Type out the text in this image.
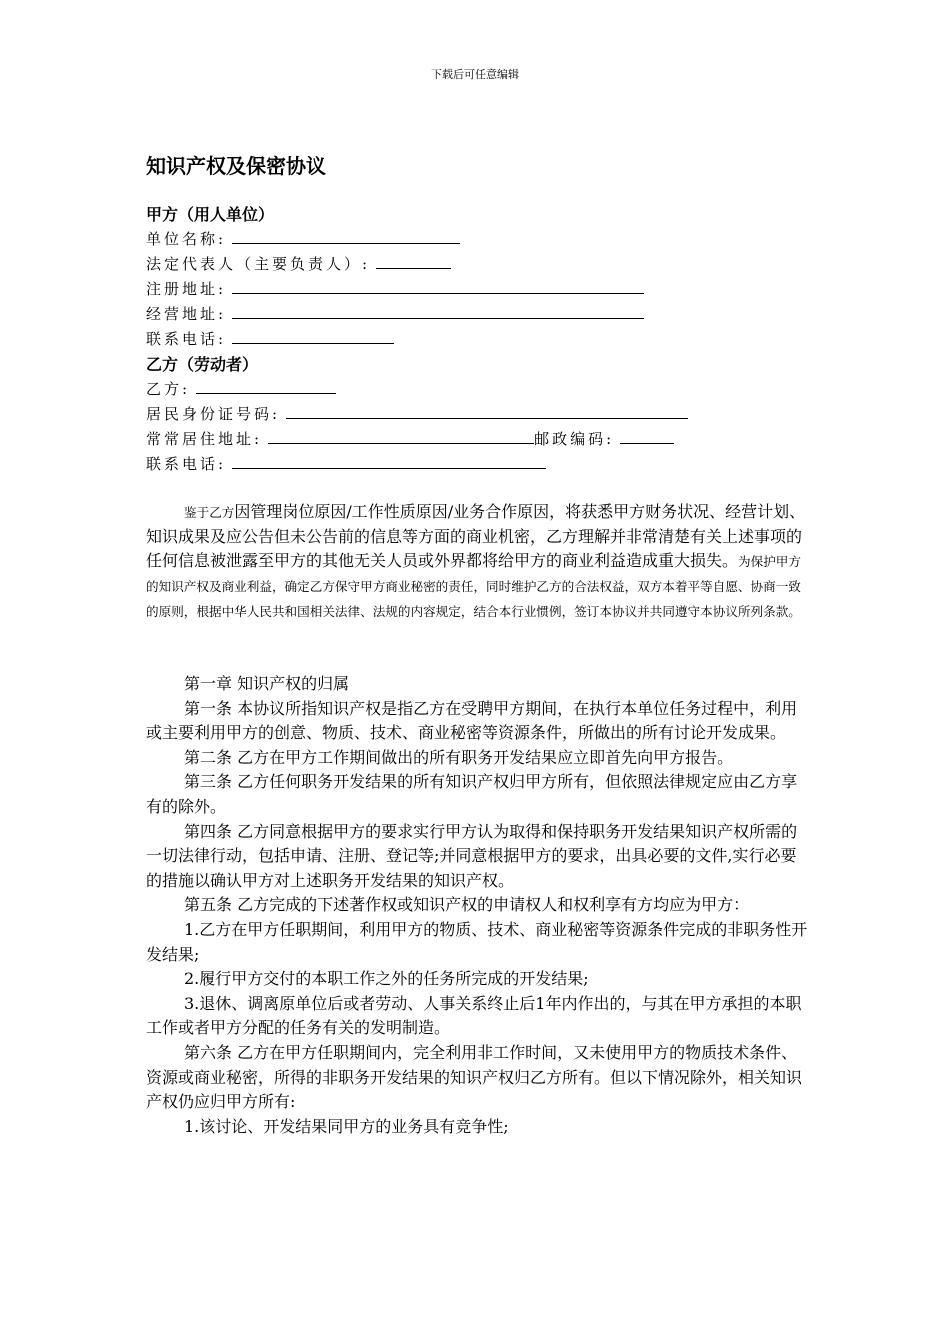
下载后可任意编辑
知识产权及保密协议
甲方（用人单位）
单位名称:
法定代表人（主要负责人）:
注册地址:
经营地址:
联系电话:
乙方（劳动者）
乙方:
居民身份证号码:
常常居住地址:	邮政编码:
联系电话:

鉴于乙方因管理岗位原因/工作性质原因/业务合作原因，将获悉甲方财务状况、经营计划、知识成果及应公告但未公告前的信息等方面的商业机密，乙方理解并非常清楚有关上述事项的任何信息被泄露至甲方的其他无关人员或外界都将给甲方的商业利益造成重大损失。为保护甲方的知识产权及商业利益，确定乙方保守甲方商业秘密的责任，同时维护乙方的合法权益，双方本着平等自愿、协商一致的原则，根据中华人民共和国相关法律、法规的内容规定，结合本行业惯例，签订本协议并共同遵守本协议所列条款。

第一章 知识产权的归属

第一条 本协议所指知识产权是指乙方在受聘甲方期间，在执行本单位任务过程中，利用或主要利用甲方的创意、物质、技术、商业秘密等资源条件，所做出的所有讨论开发成果。

第二条 乙方在甲方工作期间做出的所有职务开发结果应立即首先向甲方报告。

第三条 乙方任何职务开发结果的所有知识产权归甲方所有，但依照法律规定应由乙方享有的除外。

第四条 乙方同意根据甲方的要求实行甲方认为取得和保持职务开发结果知识产权所需的一切法律行动，包括申请、注册、登记等;并同意根据甲方的要求，出具必要的文件,实行必要的措施以确认甲方对上述职务开发结果的知识产权。

第五条 乙方完成的下述著作权或知识产权的申请权人和权利享有方均应为甲方：

1.乙方在甲方任职期间，利用甲方的物质、技术、商业秘密等资源条件完成的非职务性开发结果;

2.履行甲方交付的本职工作之外的任务所完成的开发结果;

3.退休、调离原单位后或者劳动、人事关系终止后1年内作出的，与其在甲方承担的本职工作或者甲方分配的任务有关的发明制造。

第六条 乙方在甲方任职期间内，完全利用非工作时间，又未使用甲方的物质技术条件、资源或商业秘密，所得的非职务开发结果的知识产权归乙方所有。但以下情况除外，相关知识产权仍应归甲方所有:

1.该讨论、开发结果同甲方的业务具有竞争性;
